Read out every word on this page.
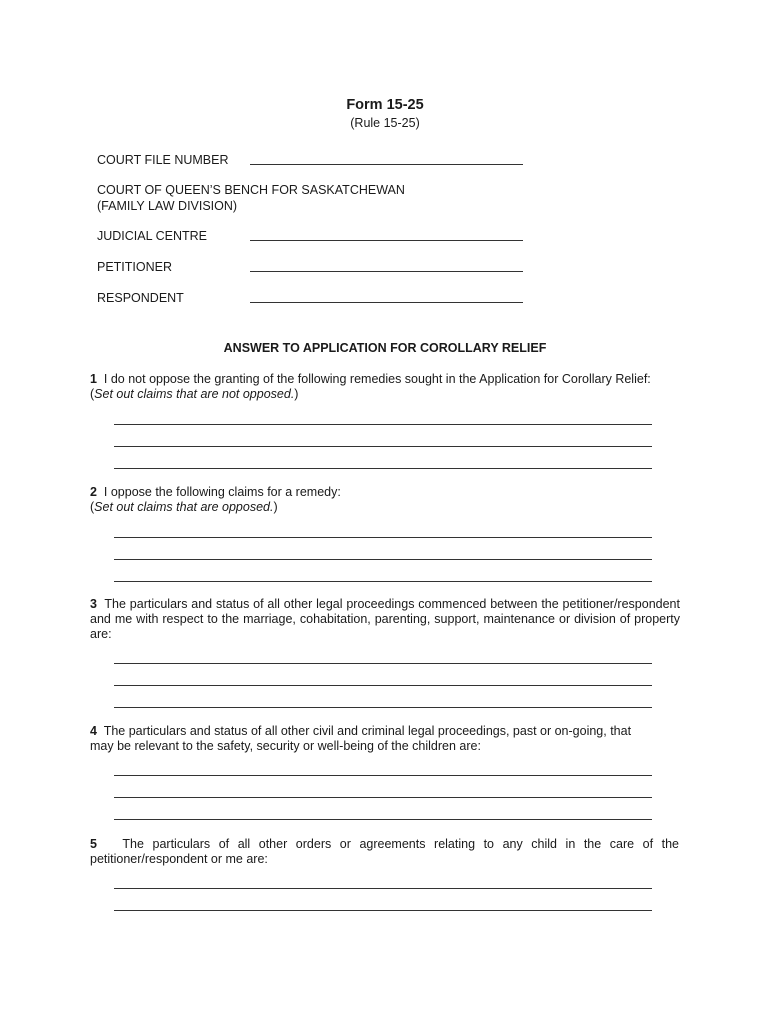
Form 15-25
(Rule 15-25)
COURT FILE NUMBER
COURT OF QUEEN’S BENCH FOR SASKATCHEWAN
(FAMILY LAW DIVISION)
JUDICIAL CENTRE
PETITIONER
RESPONDENT
ANSWER TO APPLICATION FOR COROLLARY RELIEF
1 I do not oppose the granting of the following remedies sought in the Application for Corollary Relief:
(Set out claims that are not opposed.)
2 I oppose the following claims for a remedy:
(Set out claims that are opposed.)
3 The particulars and status of all other legal proceedings commenced between the petitioner/respondent and me with respect to the marriage, cohabitation, parenting, support, maintenance or division of property are:
4 The particulars and status of all other civil and criminal legal proceedings, past or on-going, that
may be relevant to the safety, security or well-being of the children are:
5 The particulars of all other orders or agreements relating to any child in the care of the petitioner/respondent or me are:
